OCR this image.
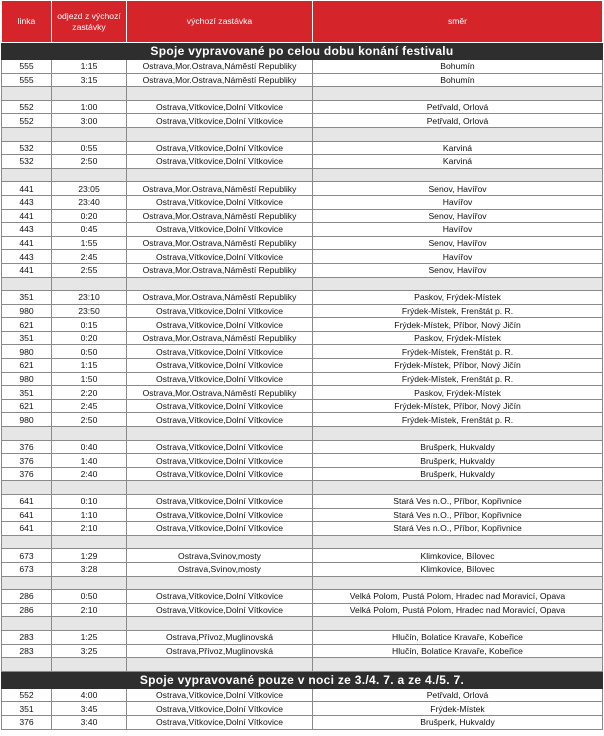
linka	odjezd z výchozí zastávky	výchozí zastávka	směr
Spoje vypravované po celou dobu konání festivalu			
555	1:15	Ostrava,Mor.Ostrava,Náměstí Republiky	Bohumín
555	3:15	Ostrava,Mor.Ostrava,Náměstí Republiky	Bohumín

552	1:00	Ostrava,Vítkovice,Dolní Vítkovice	Petřvald, Orlová
552	3:00	Ostrava,Vítkovice,Dolní Vítkovice	Petřvald, Orlová

532	0:55	Ostrava,Vítkovice,Dolní Vítkovice	Karviná
532	2:50	Ostrava,Vítkovice,Dolní Vítkovice	Karviná

441	23:05	Ostrava,Mor.Ostrava,Náměstí Republiky	Senov, Havířov
443	23:40	Ostrava,Vítkovice,Dolní Vítkovice	Havířov
441	0:20	Ostrava,Mor.Ostrava,Náměstí Republiky	Senov, Havířov
443	0:45	Ostrava,Vítkovice,Dolní Vítkovice	Havířov
441	1:55	Ostrava,Mor.Ostrava,Náměstí Republiky	Senov, Havířov
443	2:45	Ostrava,Vítkovice,Dolní Vítkovice	Havířov
441	2:55	Ostrava,Mor.Ostrava,Náměstí Republiky	Senov, Havířov

351	23:10	Ostrava,Mor.Ostrava,Náměstí Republiky	Paskov, Frýdek-Místek
980	23:50	Ostrava,Vítkovice,Dolní Vítkovice	Frýdek-Místek, Frenštát p. R.
621	0:15	Ostrava,Vítkovice,Dolní Vítkovice	Frýdek-Místek, Příbor, Nový Jičín
351	0:20	Ostrava,Mor.Ostrava,Náměstí Republiky	Paskov, Frýdek-Místek
980	0:50	Ostrava,Vítkovice,Dolní Vítkovice	Frýdek-Místek, Frenštát p. R.
621	1:15	Ostrava,Vítkovice,Dolní Vítkovice	Frýdek-Místek, Příbor, Nový Jičín
980	1:50	Ostrava,Vítkovice,Dolní Vítkovice	Frýdek-Místek, Frenštát p. R.
351	2:20	Ostrava,Mor.Ostrava,Náměstí Republiky	Paskov, Frýdek-Místek
621	2:45	Ostrava,Vítkovice,Dolní Vítkovice	Frýdek-Místek, Příbor, Nový Jičín
980	2:50	Ostrava,Vítkovice,Dolní Vítkovice	Frýdek-Místek, Frenštát p. R.

376	0:40	Ostrava,Vítkovice,Dolní Vítkovice	Brušperk, Hukvaldy
376	1:40	Ostrava,Vítkovice,Dolní Vítkovice	Brušperk, Hukvaldy
376	2:40	Ostrava,Vítkovice,Dolní Vítkovice	Brušperk, Hukvaldy

641	0:10	Ostrava,Vítkovice,Dolní Vítkovice	Stará Ves n.O., Příbor, Kopřivnice
641	1:10	Ostrava,Vítkovice,Dolní Vítkovice	Stará Ves n.O., Příbor, Kopřivnice
641	2:10	Ostrava,Vítkovice,Dolní Vítkovice	Stará Ves n.O., Příbor, Kopřivnice

673	1:29	Ostrava,Svinov,mosty	Klimkovice, Bílovec
673	3:28	Ostrava,Svinov,mosty	Klimkovice, Bílovec

286	0:50	Ostrava,Vítkovice,Dolní Vítkovice	Velká Polom, Pustá Polom, Hradec nad Moravicí, Opava
286	2:10	Ostrava,Vítkovice,Dolní Vítkovice	Velká Polom, Pustá Polom, Hradec nad Moravicí, Opava

283	1:25	Ostrava,Přívoz,Muglinovská	Hlučín, Bolatice Kravaře, Kobeřice
283	3:25	Ostrava,Přívoz,Muglinovská	Hlučín, Bolatice Kravaře, Kobeřice

Spoje vypravované pouze v noci ze 3./4. 7. a ze 4./5. 7.			
552	4:00	Ostrava,Vítkovice,Dolní Vítkovice	Petřvald, Orlová
351	3:45	Ostrava,Vítkovice,Dolní Vítkovice	Frýdek-Místek
376	3:40	Ostrava,Vítkovice,Dolní Vítkovice	Brušperk, Hukvaldy
